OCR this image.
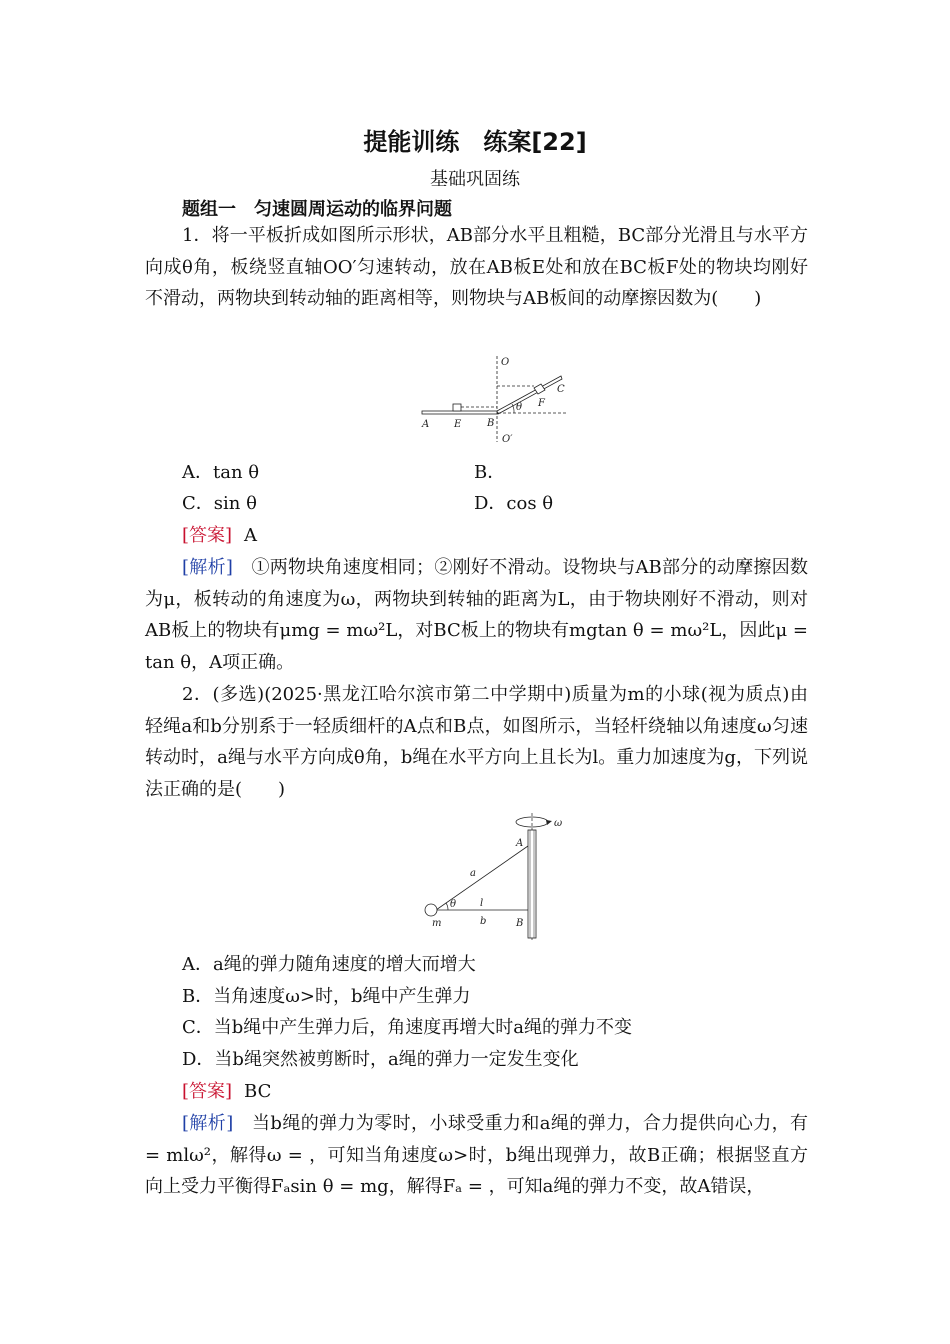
提能训练　练案[22]
基础巩固练
题组一　匀速圆周运动的临界问题

1．将一平板折成如图所示形状，AB部分水平且粗糙，BC部分光滑且与水平方向成θ角，板绕竖直轴OO′匀速转动，放在AB板E处和放在BC板F处的物块均刚好不滑动，两物块到转动轴的距离相等，则物块与AB板间的动摩擦因数为(　　)

O
O′
A E	B
F
C
θ
A．tan θ	B．
C．sin θ	D．cos θ
[答案] A

[解析]　 ①两物块角速度相同；②刚好不滑动。设物块与AB部分的动摩擦因数为μ，板转动的角速度为ω，两物块到转轴的距离为L，由于物块刚好不滑动，则对AB板上的物块有μmg = mω²L，对BC板上的物块有mgtan θ = mω²L，因此μ = tan θ，A项正确。

2．(多选)(2025·黑龙江哈尔滨市第二中学期中)质量为m的小球(视为质点)由轻绳a和b分别系于一轻质细杆的A点和B点，如图所示，当轻杆绕轴以角速度ω匀速转动时，a绳与水平方向成θ角，b绳在水平方向上且长为l。重力加速度为g，下列说法正确的是(　　)

ω
A
a
θ l
m	b	B
A．a绳的弹力随角速度的增大而增大
B．当角速度ω>时，b绳中产生弹力
C．当b绳中产生弹力后，角速度再增大时a绳的弹力不变
D．当b绳突然被剪断时，a绳的弹力一定发生变化
[答案] BC

[解析]　 当b绳的弹力为零时，小球受重力和a绳的弹力，合力提供向心力，有 = mlω²，解得ω = ，可知当角速度ω>时，b绳出现弹力，故B正确；根据竖直方向上受力平衡得Fₐsin θ = mg，解得Fₐ = ，可知a绳的弹力不变，故A错误，
